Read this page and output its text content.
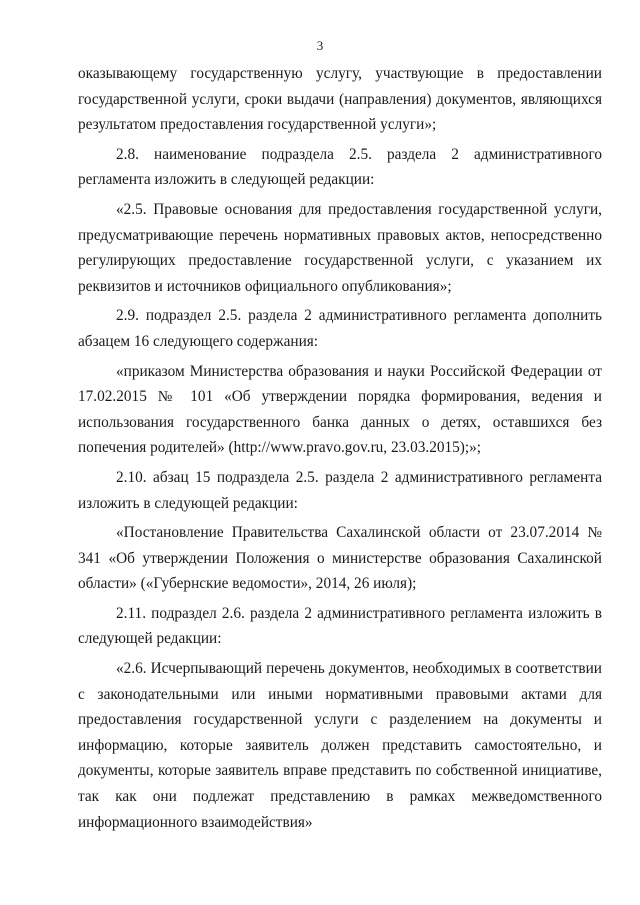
3

оказывающему государственную услугу, участвующие в предоставлении государственной услуги, сроки выдачи (направления) документов, являющихся результатом предоставления государственной услуги»;

2.8. наименование подраздела 2.5. раздела 2 административного регламента изложить в следующей редакции:

«2.5. Правовые основания для предоставления государственной услуги, предусматривающие перечень нормативных правовых актов, непосредственно регулирующих предоставление государственной услуги, с указанием их реквизитов и источников официального опубликования»;

2.9. подраздел 2.5. раздела 2 административного регламента дополнить абзацем 16 следующего содержания:

«приказом Министерства образования и науки Российской Федерации от 17.02.2015 № 101 «Об утверждении порядка формирования, ведения и использования государственного банка данных о детях, оставшихся без попечения родителей» (http://www.pravo.gov.ru, 23.03.2015);»;

2.10. абзац 15 подраздела 2.5. раздела 2 административного регламента изложить в следующей редакции:

«Постановление Правительства Сахалинской области от 23.07.2014 № 341 «Об утверждении Положения о министерстве образования Сахалинской области» («Губернские ведомости», 2014, 26 июля);

2.11. подраздел 2.6. раздела 2 административного регламента изложить в следующей редакции:

«2.6. Исчерпывающий перечень документов, необходимых в соответствии с законодательными или иными нормативными правовыми актами для предоставления государственной услуги с разделением на документы и информацию, которые заявитель должен представить самостоятельно, и документы, которые заявитель вправе представить по собственной инициативе, так как они подлежат представлению в рамках межведомственного информационного взаимодействия»
